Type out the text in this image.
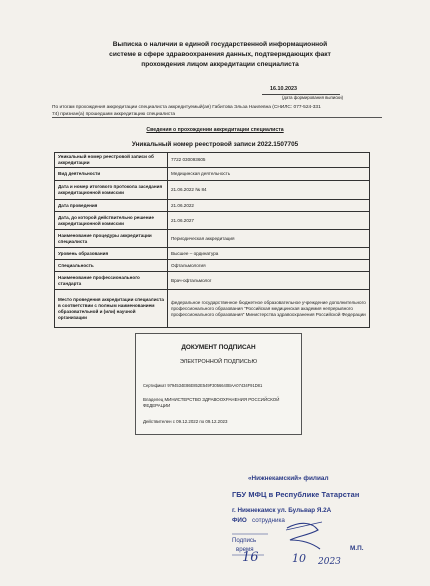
Выписка о наличии в единой государственной информационной
системе в сфере здравоохранения данных, подтверждающих факт
прохождения лицом аккредитации специалиста
16.10.2023
(дата формирования выписки)
По итогам прохождения аккредитации специалиста аккредитуемый(ая) Габитова Эльза Наилевна (СНИЛС: 077-524-331
74) признан(а) прошедшим аккредитацию специалиста
Сведения о прохождении аккредитации специалиста
Уникальный номер реестровой записи 2022.1507705
Уникальный номер реестровой записи об аккредитации	7722 030093605
Вид деятельности	Медицинская деятельность
Дата и номер итогового протокола заседания аккредитационной комиссии	21.06.2022 № 84
Дата проведения	21.06.2022
Дата, до которой действительно решение аккредитационной комиссии	21.06.2027
Наименование процедуры аккредитации специалиста	Периодическая аккредитация
Уровень образования	Высшее – ординатура
Специальность	Офтальмология
Наименование профессионального стандарта	Врач-офтальмолог
Место проведения аккредитации специалиста в соответствии с полным наименованием образовательной и (или) научной организации	федеральное государственное бюджетное образовательное учреждение дополнительного профессионального образования "Российская медицинская академия непрерывного профессионального образования" Министерства здравоохранения Российской Федерации
ДОКУМЕНТ ПОДПИСАН
ЭЛЕКТРОННОЙ ПОДПИСЬЮ
Сертификат 9794534E86E852E549F3056640BAA07434F91D81
Владелец МИНИСТЕРСТВО ЗДРАВООХРАНЕНИЯ РОССИЙСКОЙ ФЕДЕРАЦИИ
Действителен с 09.12.2022 по 09.12.2023
«Нижнекамский» филиал
ГБУ МФЦ в Республике Татарстан
г. Нижнекамск ул. Бульвар Я.2А
ФИО сотрудника
Подпись
время	М.П.
16	10 2023
